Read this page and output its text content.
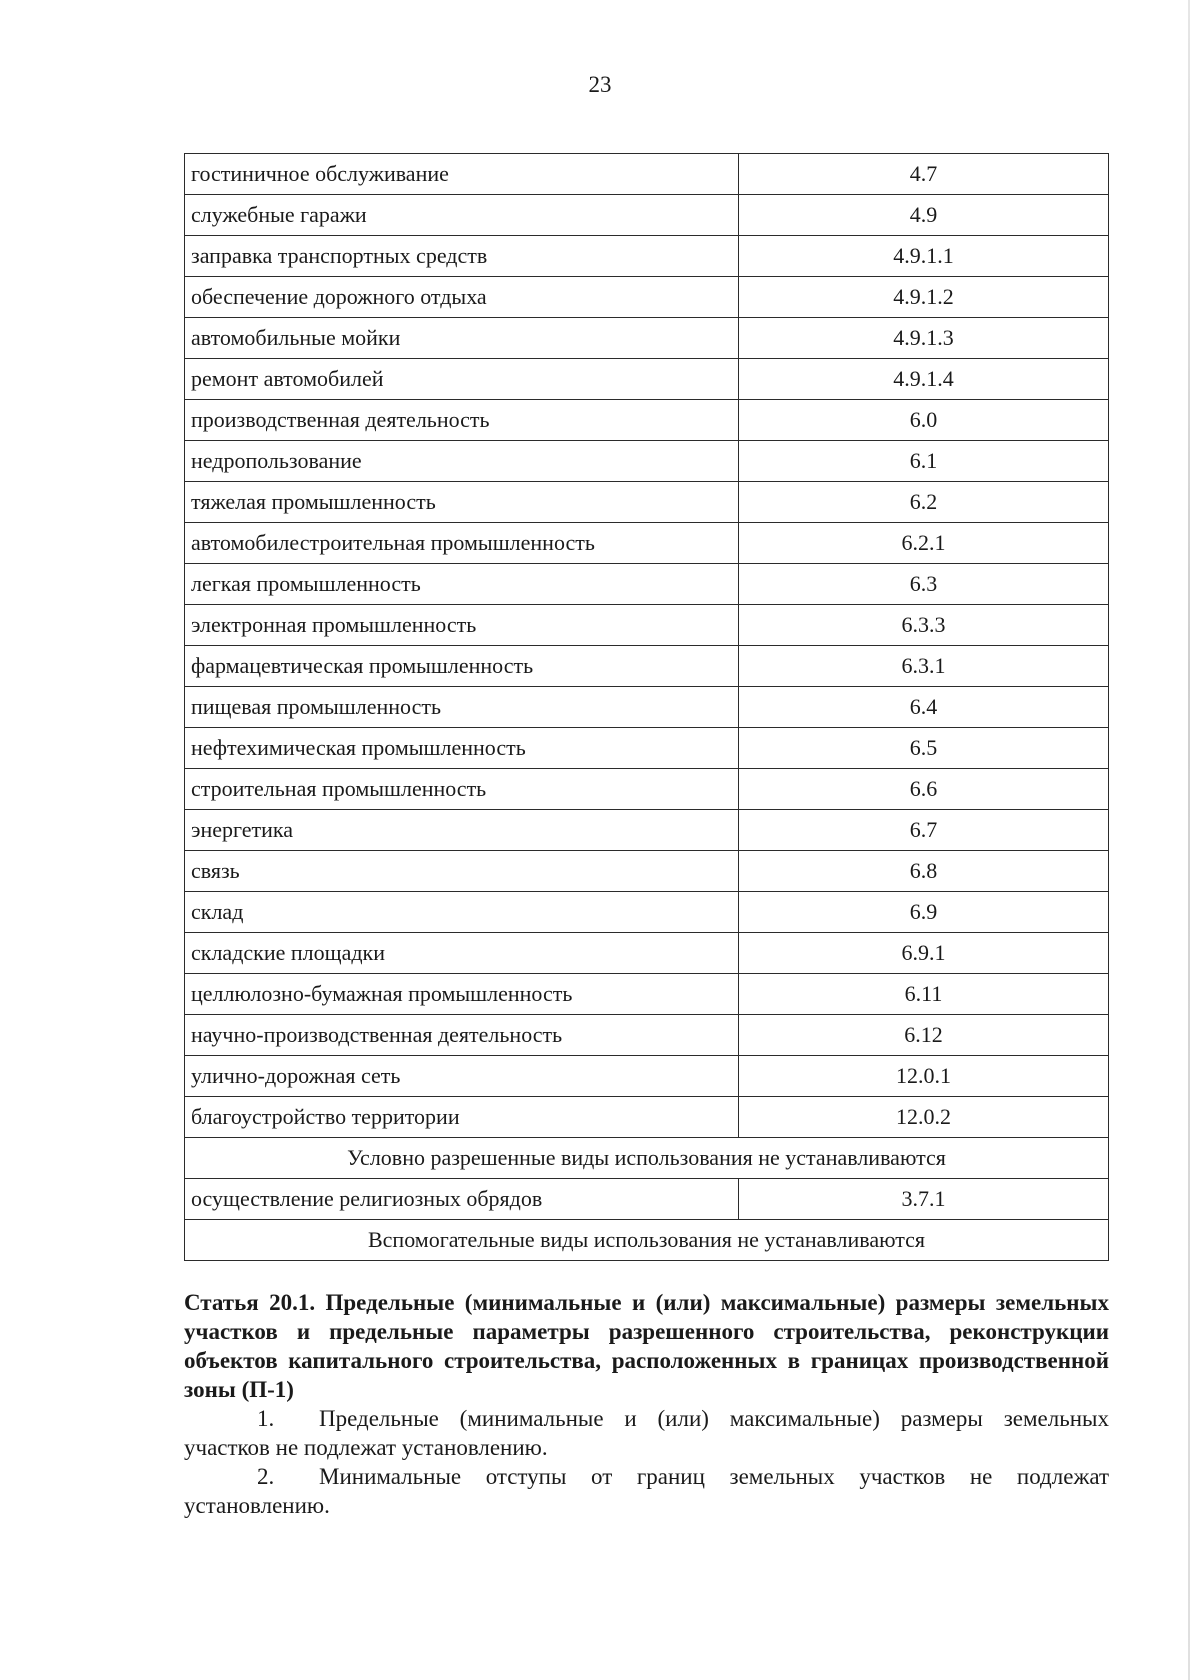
23
гостиничное обслуживание	4.7
служебные гаражи	4.9
заправка транспортных средств	4.9.1.1
обеспечение дорожного отдыха	4.9.1.2
автомобильные мойки	4.9.1.3
ремонт автомобилей	4.9.1.4
производственная деятельность	6.0
недропользование	6.1
тяжелая промышленность	6.2
автомобилестроительная промышленность	6.2.1
легкая промышленность	6.3
электронная промышленность	6.3.3
фармацевтическая промышленность	6.3.1
пищевая промышленность	6.4
нефтехимическая промышленность	6.5
строительная промышленность	6.6
энергетика	6.7
связь	6.8
склад	6.9
складские площадки	6.9.1
целлюлозно-бумажная промышленность	6.11
научно-производственная деятельность	6.12
улично-дорожная сеть	12.0.1
благоустройство территории	12.0.2
Условно разрешенные виды использования не устанавливаются	
осуществление религиозных обрядов	3.7.1
Вспомогательные виды использования не устанавливаются	

Статья 20.1. Предельные (минимальные и (или) максимальные) размеры земельных участков и предельные параметры разрешенного строительства, реконструкции объектов капитального строительства, расположенных в границах производственной зоны (П-1)

1. Предельные (минимальные и (или) максимальные) размеры земельных участков не подлежат установлению.

2. Минимальные отступы от границ земельных участков не подлежат установлению.
